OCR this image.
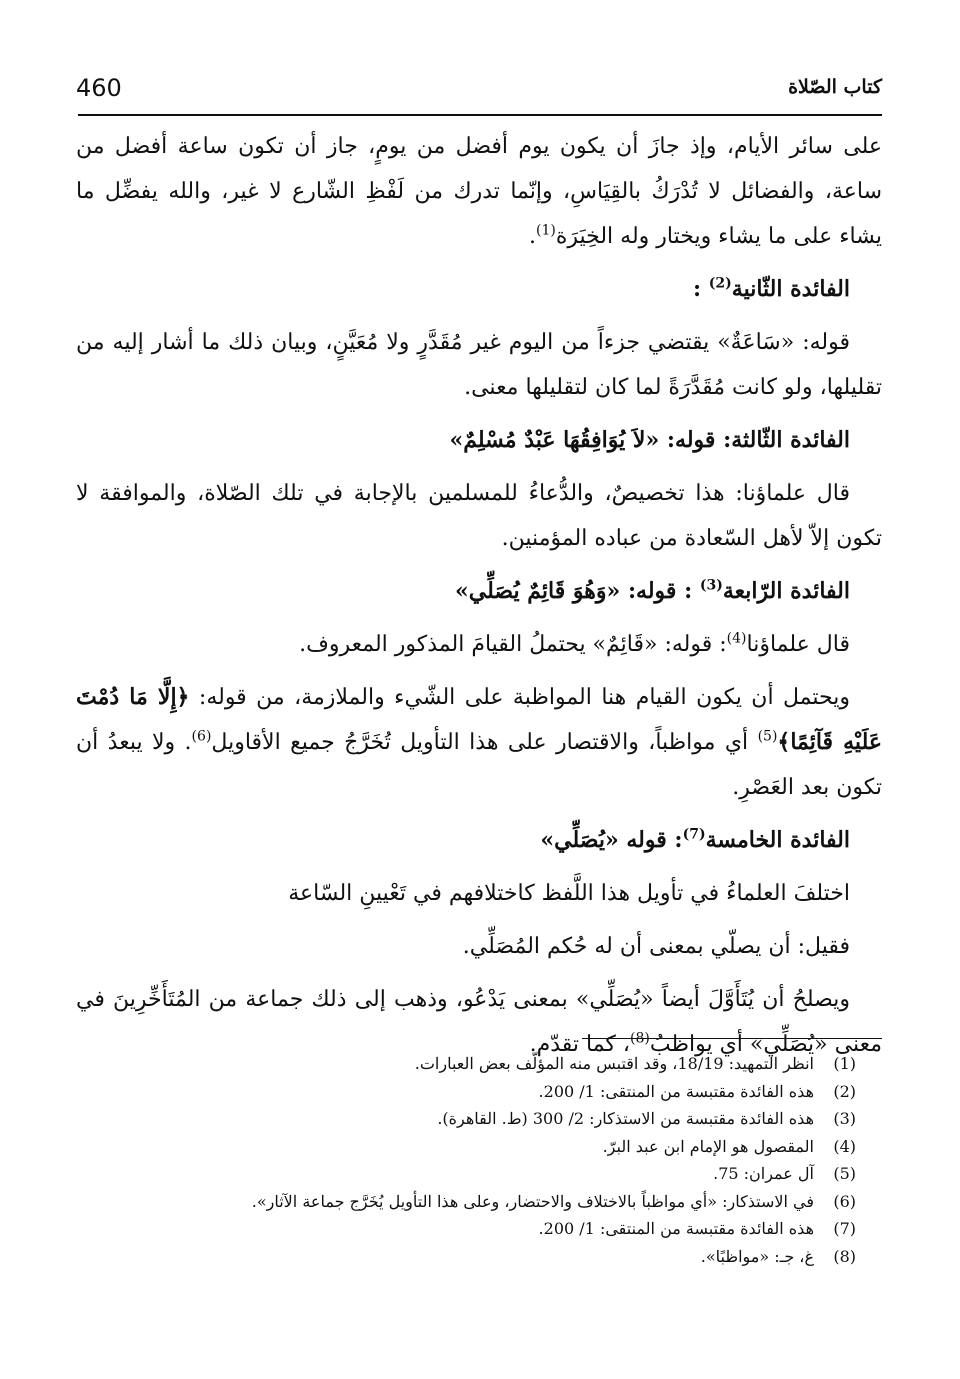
460	كتاب الصّلاة

على سائر الأيام، وإذ جازَ أن يكون يوم أفضل من يومٍ، جاز أن تكون ساعة أفضل من ساعة، والفضائل لا تُدْرَكُ بالقِيَاسِ، وإنّما تدرك من لَفْظِ الشّارع لا غير، والله يفضِّل ما يشاء على ما يشاء ويختار وله الخِيَرَة$^{(1)}$.

الفائدة الثّانية$^{(2)}$ :

قوله: «سَاعَةٌ» يقتضي جزءاً من اليوم غير مُقَدَّرٍ ولا مُعَيَّنٍ، وبيان ذلك ما أشار إليه من تقليلها، ولو كانت مُقَدَّرَةً لما كان لتقليلها معنى.

الفائدة الثّالثة: قوله: «لاَ يُوَافِقُهَا عَبْدٌ مُسْلِمٌ»

قال علماؤنا: هذا تخصيصٌ، والدُّعاءُ للمسلمين بالإجابة في تلك الصّلاة، والموافقة لا تكون إلاّ لأهل السّعادة من عباده المؤمنين.

الفائدة الرّابعة$^{(3)}$ : قوله: «وَهُوَ قَائِمٌ يُصَلِّي»

قال علماؤنا$^{(4)}$: قوله: «قَائِمٌ» يحتملُ القيامَ المذكور المعروف.

ويحتمل أن يكون القيام هنا المواظبة على الشّيء والملازمة، من قوله: ﴿إِلَّا مَا دُمْتَ عَلَيْهِ قَآئِمًا﴾$^{(5)}$ أي مواظباً، والاقتصار على هذا التأويل تُخَرَّجُ جميع الأقاويل$^{(6)}$. ولا يبعدُ أن تكون بعد العَصْرِ.

الفائدة الخامسة$^{(7)}$: قوله «يُصَلِّي»

اختلفَ العلماءُ في تأويل هذا اللَّفظ كاختلافهم في تَعْيينِ السّاعة

فقيل: أن يصلّي بمعنى أن له حُكم المُصَلِّي.

ويصلحُ أن يُتَأَوَّلَ أيضاً «يُصَلِّي» بمعنى يَدْعُو، وذهب إلى ذلك جماعة من المُتَأَخِّرِينَ في معنى «يُصَلِّي» أي يواظبُ$^{(8)}$، كما تقدّم.

(1)
انظر التمهيد: 18/19، وقد اقتبس منه المؤلّف بعض العبارات.
(2)
هذه الفائدة مقتبسة من المنتقى: 1/ 200.
(3)
هذه الفائدة مقتبسة من الاستذكار: 2/ 300 (ط. القاهرة).
(4)
المقصول هو الإمام ابن عبد البرّ.
(5)
آل عمران: 75.
(6)
في الاستذكار: «أي مواظباً بالاختلاف والاحتضار، وعلى هذا التأويل يُخَرَّج جماعة الآثار».
(7)
هذه الفائدة مقتبسة من المنتقى: 1/ 200.
(8)
غ، جـ: «مواظبًا».
